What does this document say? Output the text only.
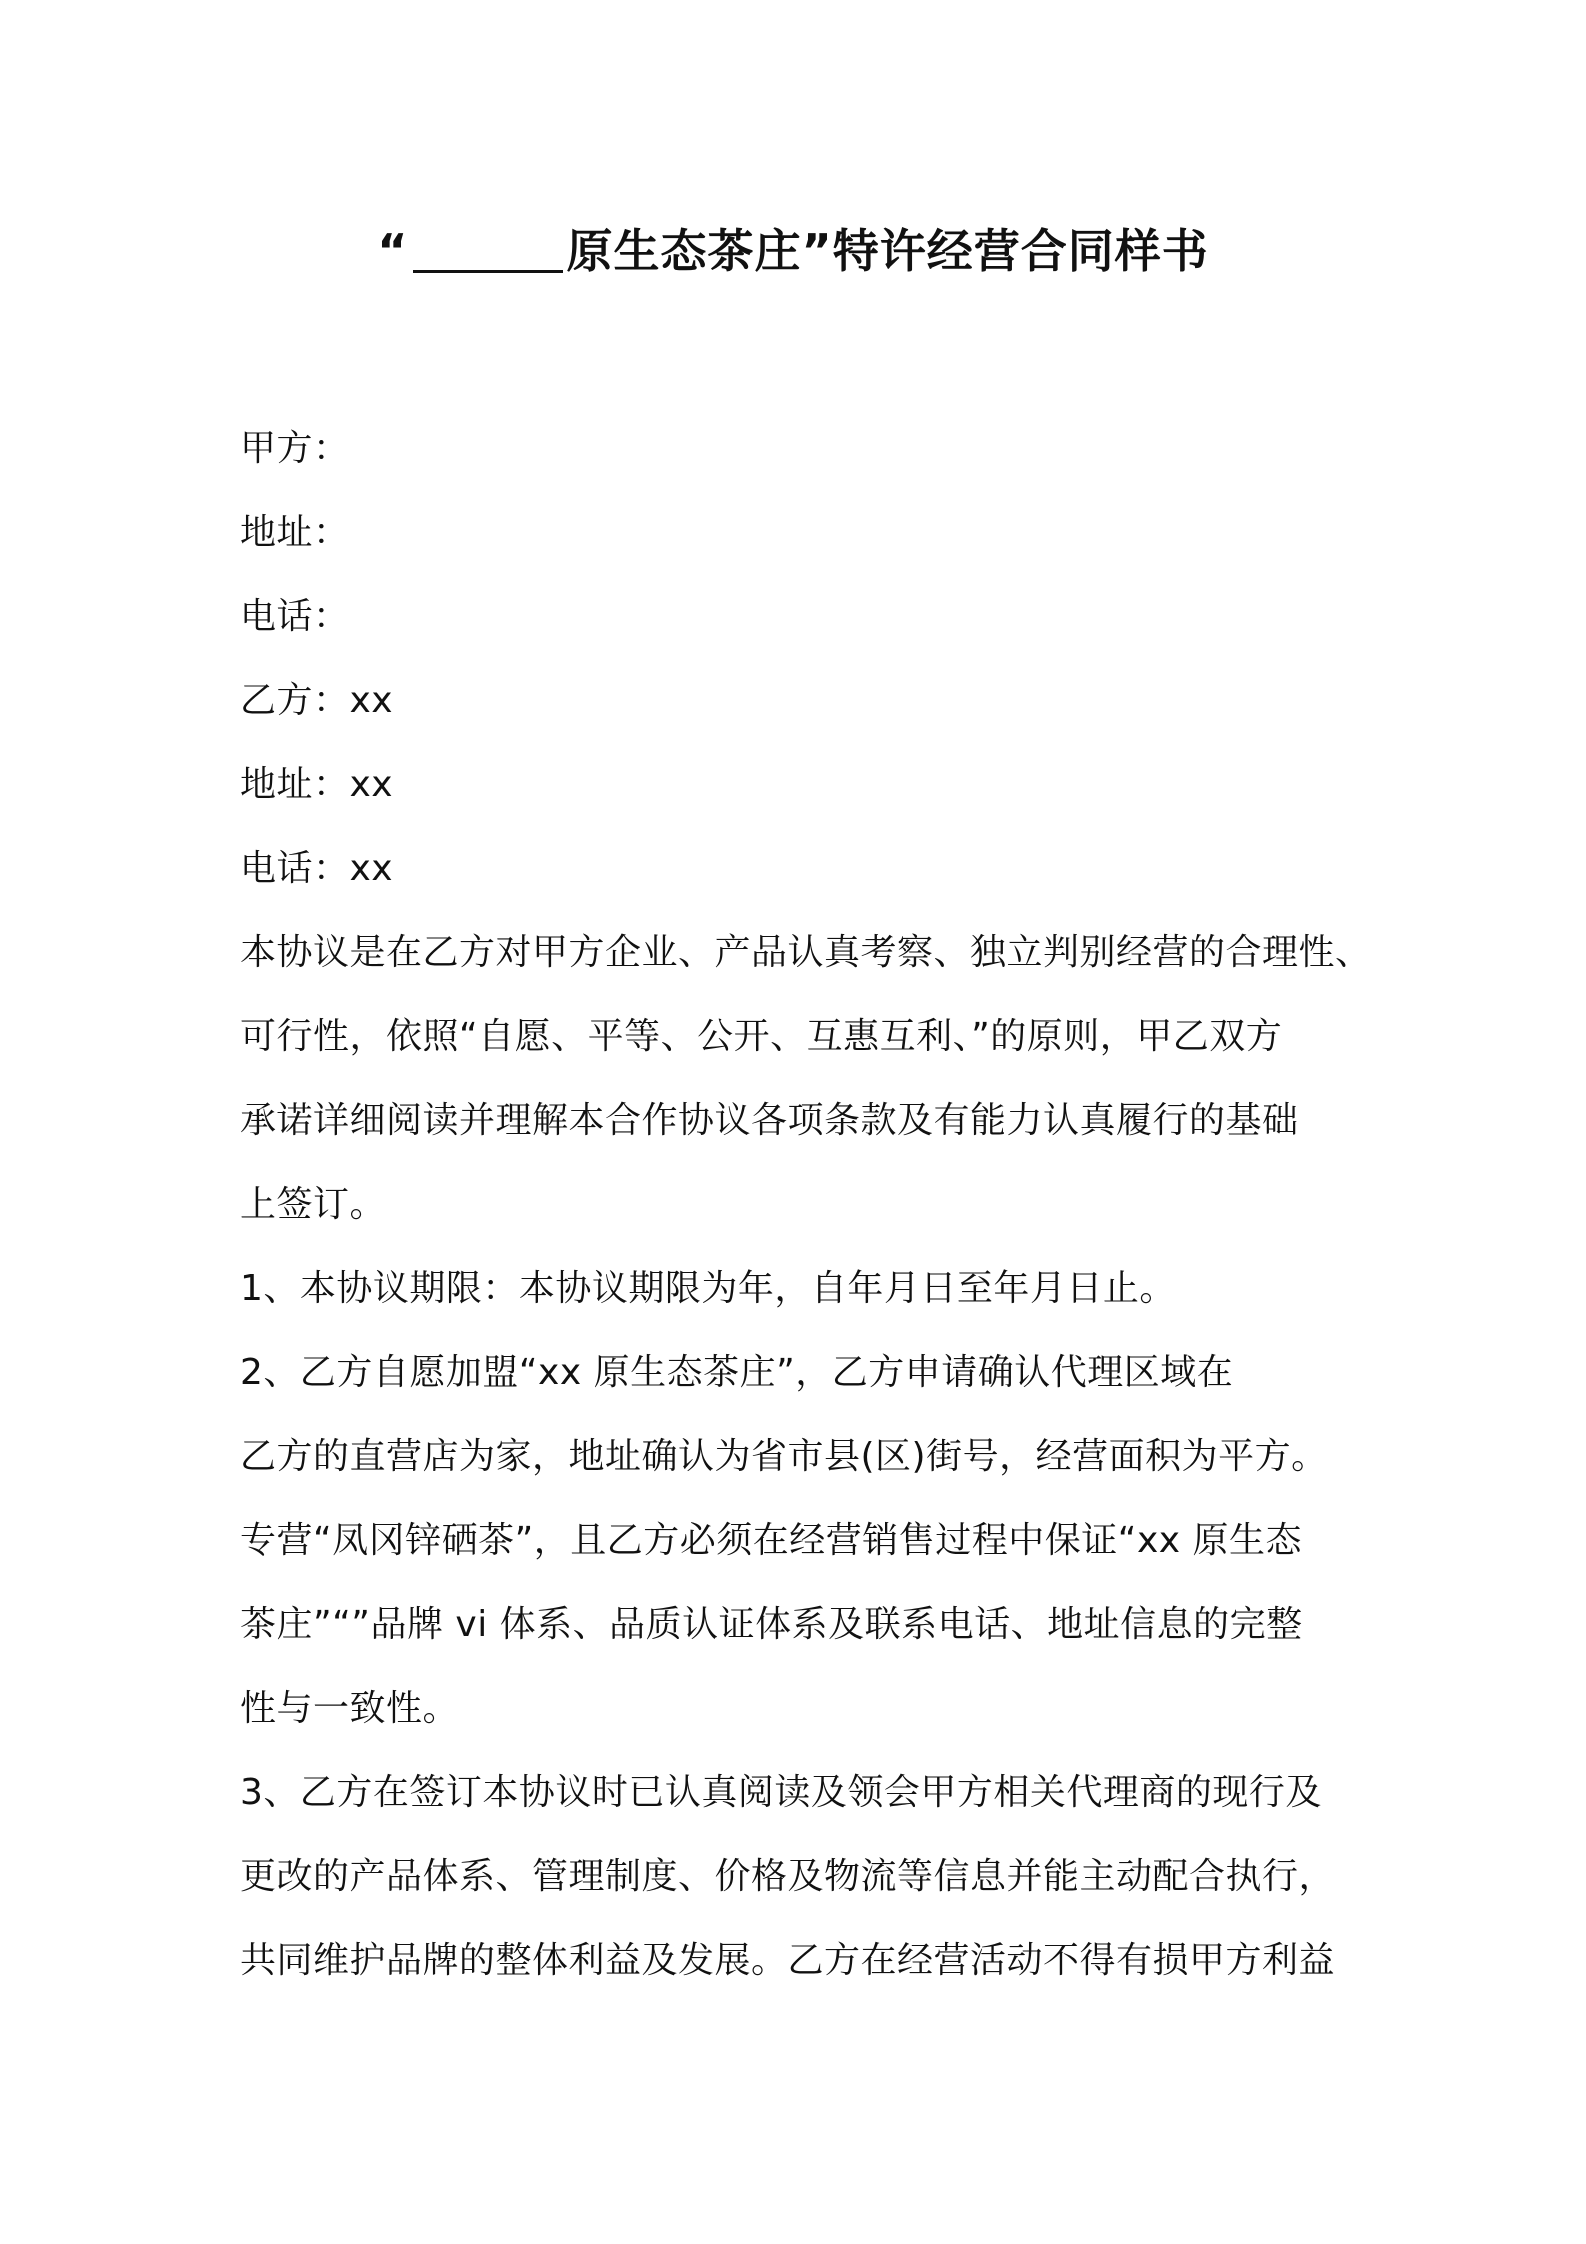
“	原生态茶庄”特许经营合同样书
甲方：
地址：
电话：
乙方：xx
地址：xx
电话：xx
本协议是在乙方对甲方企业、产品认真考察、独立判别经营的合理性、
可行性，依照“自愿、平等、公开、互惠互利、”的原则，甲乙双方
承诺详细阅读并理解本合作协议各项条款及有能力认真履行的基础
上签订。
1、本协议期限：本协议期限为年，自年月日至年月日止。
2、乙方自愿加盟“xx 原生态茶庄”，乙方申请确认代理区域在
乙方的直营店为家，地址确认为省市县(区)街号，经营面积为平方。
专营“凤冈锌硒茶”，且乙方必须在经营销售过程中保证“xx 原生态
茶庄”“”品牌 vi 体系、品质认证体系及联系电话、地址信息的完整
性与一致性。
3、乙方在签订本协议时已认真阅读及领会甲方相关代理商的现行及
更改的产品体系、管理制度、价格及物流等信息并能主动配合执行，
共同维护品牌的整体利益及发展。乙方在经营活动不得有损甲方利益
